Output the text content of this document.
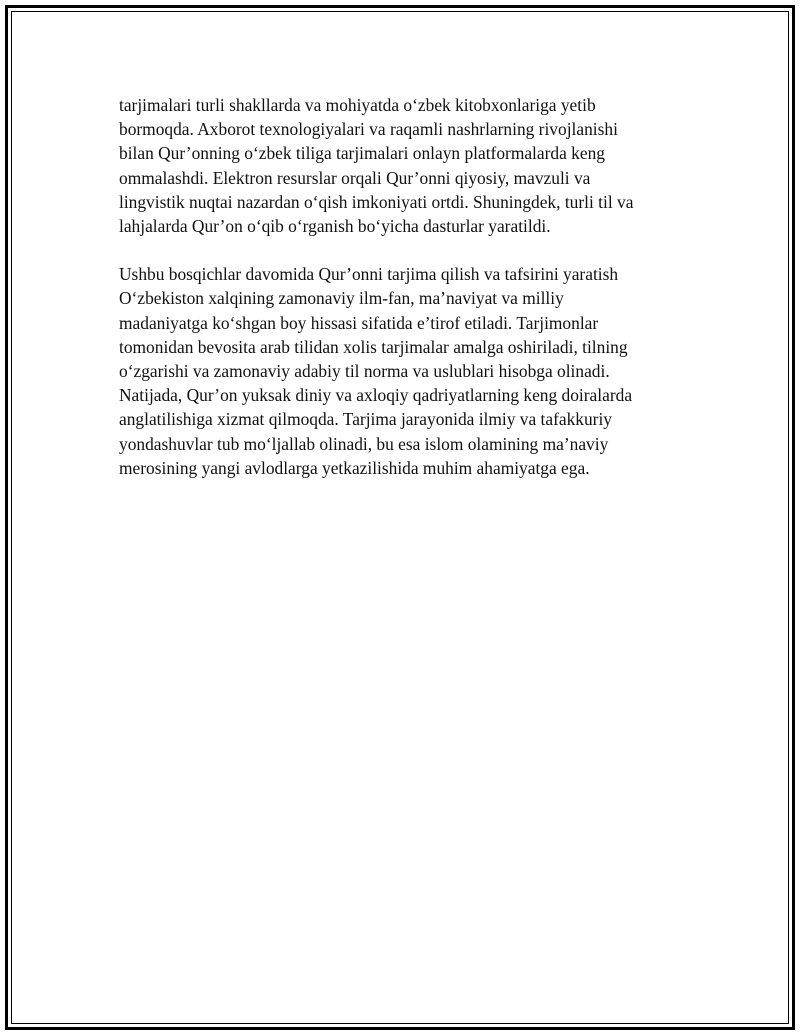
tarjimalari turli shakllarda va mohiyatda o‘zbek kitobxonlariga yetib
bormoqda. Axborot texnologiyalari va raqamli nashrlarning rivojlanishi
bilan Qur’onning o‘zbek tiliga tarjimalari onlayn platformalarda keng
ommalashdi. Elektron resurslar orqali Qur’onni qiyosiy, mavzuli va
lingvistik nuqtai nazardan o‘qish imkoniyati ortdi. Shuningdek, turli til va
lahjalarda Qur’on o‘qib o‘rganish bo‘yicha dasturlar yaratildi.

Ushbu bosqichlar davomida Qur’onni tarjima qilish va tafsirini yaratish
O‘zbekiston xalqining zamonaviy ilm-fan, ma’naviyat va milliy
madaniyatga ko‘shgan boy hissasi sifatida e’tirof etiladi. Tarjimonlar
tomonidan bevosita arab tilidan xolis tarjimalar amalga oshiriladi, tilning
o‘zgarishi va zamonaviy adabiy til norma va uslublari hisobga olinadi.
Natijada, Qur’on yuksak diniy va axloqiy qadriyatlarning keng doiralarda
anglatilishiga xizmat qilmoqda. Tarjima jarayonida ilmiy va tafakkuriy
yondashuvlar tub mo‘ljallab olinadi, bu esa islom olamining ma’naviy
merosining yangi avlodlarga yetkazilishida muhim ahamiyatga ega.
